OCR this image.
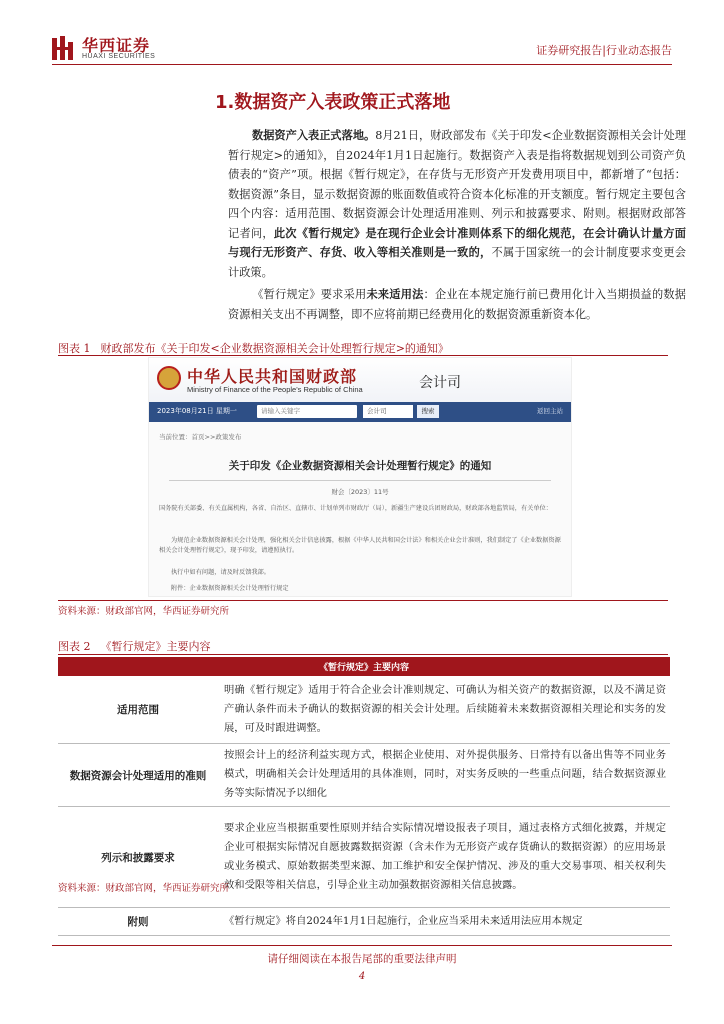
华西证券
HUAXI SECURITIES	证券研究报告|行业动态报告
1.数据资产入表政策正式落地
数据资产入表正式落地。8月21日，财政部发布《关于印发<企业数据资源相关会计处理暂行规定>的通知》，自2024年1月1日起施行。数据资产入表是指将数据规划到公司资产负债表的“资产”项。根据《暂行规定》，在存货与无形资产开发费用项目中，都新增了“包括：数据资源”条目，显示数据资源的账面数值或符合资本化标准的开支额度。暂行规定主要包含四个内容：适用范围、数据资源会计处理适用准则、列示和披露要求、附则。根据财政部答记者问，此次《暂行规定》是在现行企业会计准则体系下的细化规范，在会计确认计量方面与现行无形资产、存货、收入等相关准则是一致的，不属于国家统一的会计制度要求变更会计政策。
《暂行规定》要求采用未来适用法：企业在本规定施行前已费用化计入当期损益的数据资源相关支出不再调整，即不应将前期已经费用化的数据资源重新资本化。
图表 1 财政部发布《关于印发<企业数据资源相关会计处理暂行规定>的通知》
中华人民共和国财政部
Ministry of Finance of the People's Republic of China	会计司
2023年08月21日 星期一	请输入关键字	会计司	搜索	返回主站
当前位置：首页>>政策发布
关于印发《企业数据资源相关会计处理暂行规定》的通知
财会〔2023〕11号
国务院有关部委、有关直属机构，各省、自治区、直辖市、计划单列市财政厅（局），新疆生产建设兵团财政局，财政部各地监管局，有关单位：
为规范企业数据资源相关会计处理，强化相关会计信息披露，根据《中华人民共和国会计法》和相关企业会计准则，我们制定了《企业数据资源相关会计处理暂行规定》，现予印发，请遵照执行。
执行中如有问题，请及时反馈我部。
附件：企业数据资源相关会计处理暂行规定
资料来源：财政部官网，华西证券研究所
图表 2 《暂行规定》主要内容
《暂行规定》主要内容	
适用范围	明确《暂行规定》适用于符合企业会计准则规定、可确认为相关资产的数据资源，以及不满足资产确认条件而未予确认的数据资源的相关会计处理。后续随着未来数据资源相关理论和实务的发展，可及时跟进调整。
数据资源会计处理适用的准则	按照会计上的经济利益实现方式，根据企业使用、对外提供服务、日常持有以备出售等不同业务模式，明确相关会计处理适用的具体准则，同时，对实务反映的一些重点问题，结合数据资源业务等实际情况予以细化
列示和披露要求	要求企业应当根据重要性原则并结合实际情况增设报表子项目，通过表格方式细化披露，并规定企业可根据实际情况自愿披露数据资源（含未作为无形资产或存货确认的数据资源）的应用场景或业务模式、原始数据类型来源、加工维护和安全保护情况、涉及的重大交易事项、相关权利失效和受限等相关信息，引导企业主动加强数据资源相关信息披露。
附则	《暂行规定》将自2024年1月1日起施行，企业应当采用未来适用法应用本规定
资料来源：财政部官网，华西证券研究所
请仔细阅读在本报告尾部的重要法律声明
4
